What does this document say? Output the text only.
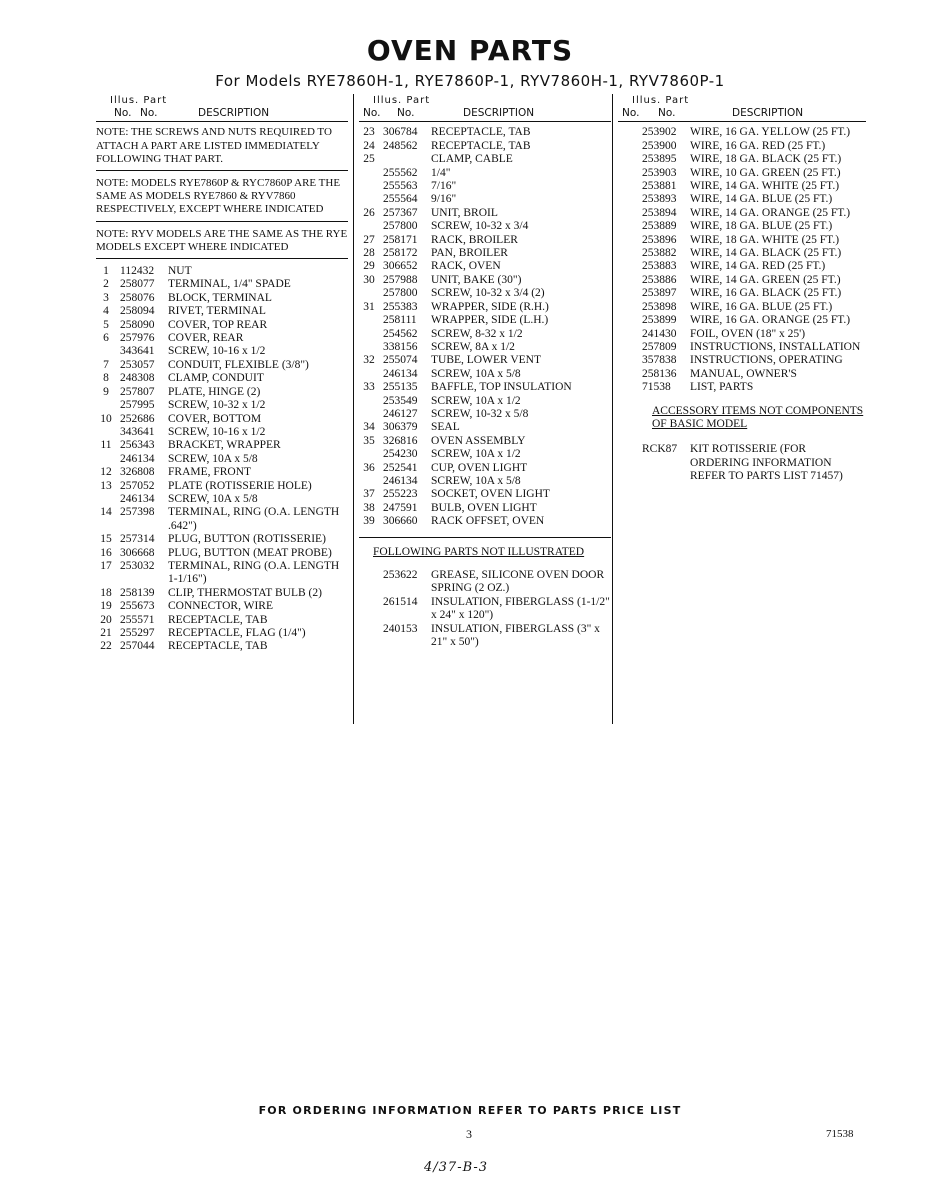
OVEN PARTS
For Models RYE7860H-1, RYE7860P-1, RYV7860H-1, RYV7860P-1
Illus. Part
No. No.	DESCRIPTION
NOTE: THE SCREWS AND NUTS REQUIRED TO ATTACH A PART ARE LISTED IMMEDIATELY FOLLOWING THAT PART.
NOTE: MODELS RYE7860P & RYC7860P ARE THE SAME AS MODELS RYE7860 & RYV7860 RESPECTIVELY, EXCEPT WHERE INDICATED
NOTE: RYV MODELS ARE THE SAME AS THE RYE MODELS EXCEPT WHERE INDICATED
1 112432	NUT
2 258077	TERMINAL, 1/4" SPADE
3 258076	BLOCK, TERMINAL
4 258094	RIVET, TERMINAL
5 258090	COVER, TOP REAR
6 257976	COVER, REAR
343641	SCREW, 10-16 x 1/2
7 253057	CONDUIT, FLEXIBLE (3/8")
8 248308	CLAMP, CONDUIT
9 257807	PLATE, HINGE (2)
257995	SCREW, 10-32 x 1/2
10 252686	COVER, BOTTOM
343641	SCREW, 10-16 x 1/2
11 256343	BRACKET, WRAPPER
246134	SCREW, 10A x 5/8
12 326808	FRAME, FRONT
13 257052	PLATE (ROTISSERIE HOLE)
246134	SCREW, 10A x 5/8
14 257398	TERMINAL, RING (O.A. LENGTH .642")
15 257314	PLUG, BUTTON (ROTISSERIE)
16 306668	PLUG, BUTTON (MEAT PROBE)
17 253032	TERMINAL, RING (O.A. LENGTH 1-1/16")
18 258139	CLIP, THERMOSTAT BULB (2)
19 255673	CONNECTOR, WIRE
20 255571	RECEPTACLE, TAB
21 255297	RECEPTACLE, FLAG (1/4")
22 257044	RECEPTACLE, TAB
Illus. Part
No.	No.	DESCRIPTION
23 306784	RECEPTACLE, TAB
24 248562	RECEPTACLE, TAB
25	CLAMP, CABLE
255562	1/4"
255563	7/16"
255564	9/16"
26 257367	UNIT, BROIL
257800	SCREW, 10-32 x 3/4
27 258171	RACK, BROILER
28 258172	PAN, BROILER
29 306652	RACK, OVEN
30 257988	UNIT, BAKE (30")
257800	SCREW, 10-32 x 3/4 (2)
31 255383	WRAPPER, SIDE (R.H.)
258111	WRAPPER, SIDE (L.H.)
254562	SCREW, 8-32 x 1/2
338156	SCREW, 8A x 1/2
32 255074	TUBE, LOWER VENT
246134	SCREW, 10A x 5/8
33 255135	BAFFLE, TOP INSULATION
253549	SCREW, 10A x 1/2
246127	SCREW, 10-32 x 5/8
34 306379	SEAL
35 326816	OVEN ASSEMBLY
254230	SCREW, 10A x 1/2
36 252541	CUP, OVEN LIGHT
246134	SCREW, 10A x 5/8
37 255223	SOCKET, OVEN LIGHT
38 247591	BULB, OVEN LIGHT
39 306660	RACK OFFSET, OVEN
FOLLOWING PARTS NOT ILLUSTRATED
253622	GREASE, SILICONE OVEN DOOR SPRING (2 OZ.)
261514	INSULATION, FIBERGLASS (1-1/2" x 24" x 120")
240153	INSULATION, FIBERGLASS (3" x 21" x 50")
Illus. Part
No.	No.	DESCRIPTION
253902	WIRE, 16 GA. YELLOW (25 FT.)
253900	WIRE, 16 GA. RED (25 FT.)
253895	WIRE, 18 GA. BLACK (25 FT.)
253903	WIRE, 10 GA. GREEN (25 FT.)
253881	WIRE, 14 GA. WHITE (25 FT.)
253893	WIRE, 14 GA. BLUE (25 FT.)
253894	WIRE, 14 GA. ORANGE (25 FT.)
253889	WIRE, 18 GA. BLUE (25 FT.)
253896	WIRE, 18 GA. WHITE (25 FT.)
253882	WIRE, 14 GA. BLACK (25 FT.)
253883	WIRE, 14 GA. RED (25 FT.)
253886	WIRE, 14 GA. GREEN (25 FT.)
253897	WIRE, 16 GA. BLACK (25 FT.)
253898	WIRE, 16 GA. BLUE (25 FT.)
253899	WIRE, 16 GA. ORANGE (25 FT.)
241430	FOIL, OVEN (18" x 25')
257809	INSTRUCTIONS, INSTALLATION
357838	INSTRUCTIONS, OPERATING
258136	MANUAL, OWNER'S
71538	LIST, PARTS
ACCESSORY ITEMS NOT COMPONENTS OF BASIC MODEL
RCK87	KIT ROTISSERIE (FOR ORDERING INFORMATION REFER TO PARTS LIST 71457)
FOR ORDERING INFORMATION REFER TO PARTS PRICE LIST
3	71538
4/37-B-3
